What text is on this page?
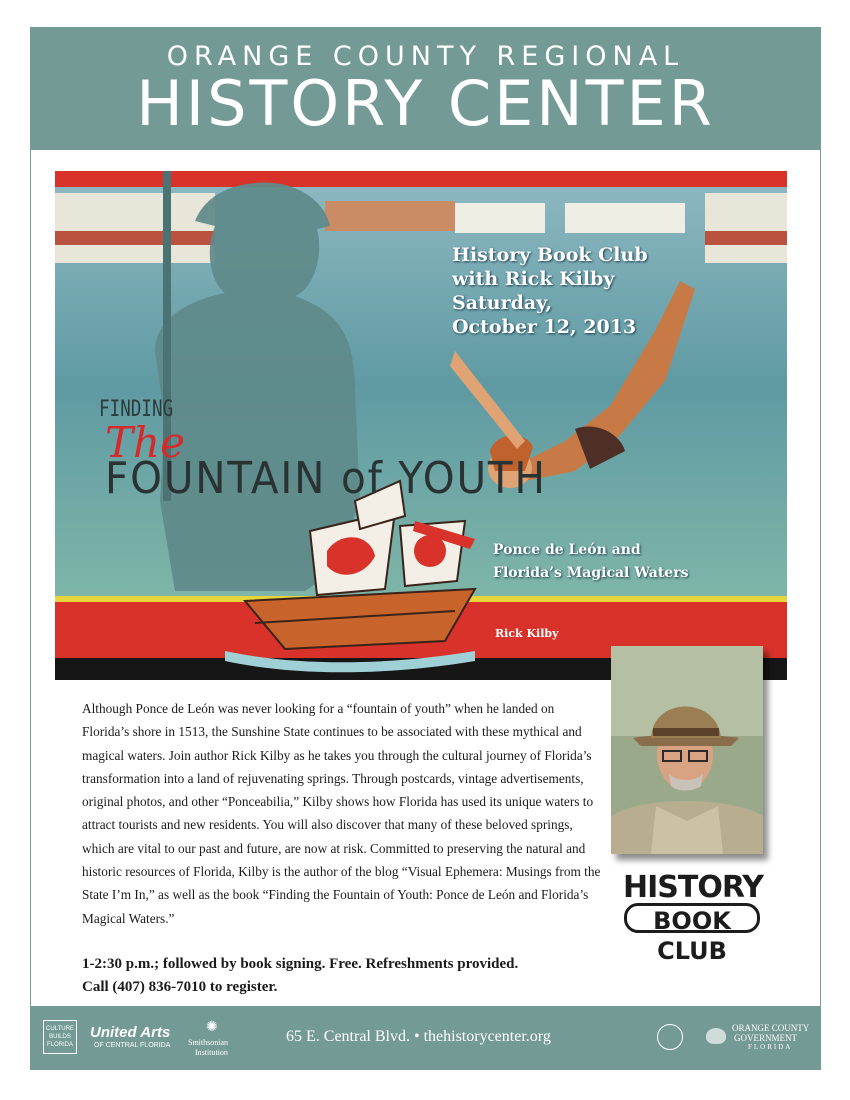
ORANGE COUNTY REGIONAL
HISTORY CENTER
FINDING
The
FOUNTAIN of YOUTH
History Book Club
with Rick Kilby
Saturday,
October 12, 2013
Ponce de León and
Florida’s Magical Waters
Rick Kilby
HISTORY
BOOK CLUB

Although Ponce de León was never looking for a “fountain of youth” when he landed on Florida’s shore in 1513, the Sunshine State continues to be associated with these mythical and magical waters. Join author Rick Kilby as he takes you through the cultural journey of Florida’s transformation into a land of rejuvenating springs. Through postcards, vintage advertisements, original photos, and other “Ponceabilia,” Kilby shows how Florida has used its unique waters to attract tourists and new residents. You will also discover that many of these beloved springs, which are vital to our past and future, are now at risk. Committed to preserving the natural and historic resources of Florida, Kilby is the author of the blog “Visual Ephemera: Musings from the State I’m In,” as well as the book “Finding the Fountain of Youth: Ponce de León and Florida’s Magical Waters.”

1-2:30 p.m.; followed by book signing. Free. Refreshments provided.
Call (407) 836-7010 to register.
CULTURE BUILDS FLORIDA
United Arts
OF CENTRAL FLORIDA
✺
Smithsonian
Institution
65 E. Central Blvd. • thehistorycenter.org	ORANGE COUNTY
GOVERNMENT
FLORIDA
